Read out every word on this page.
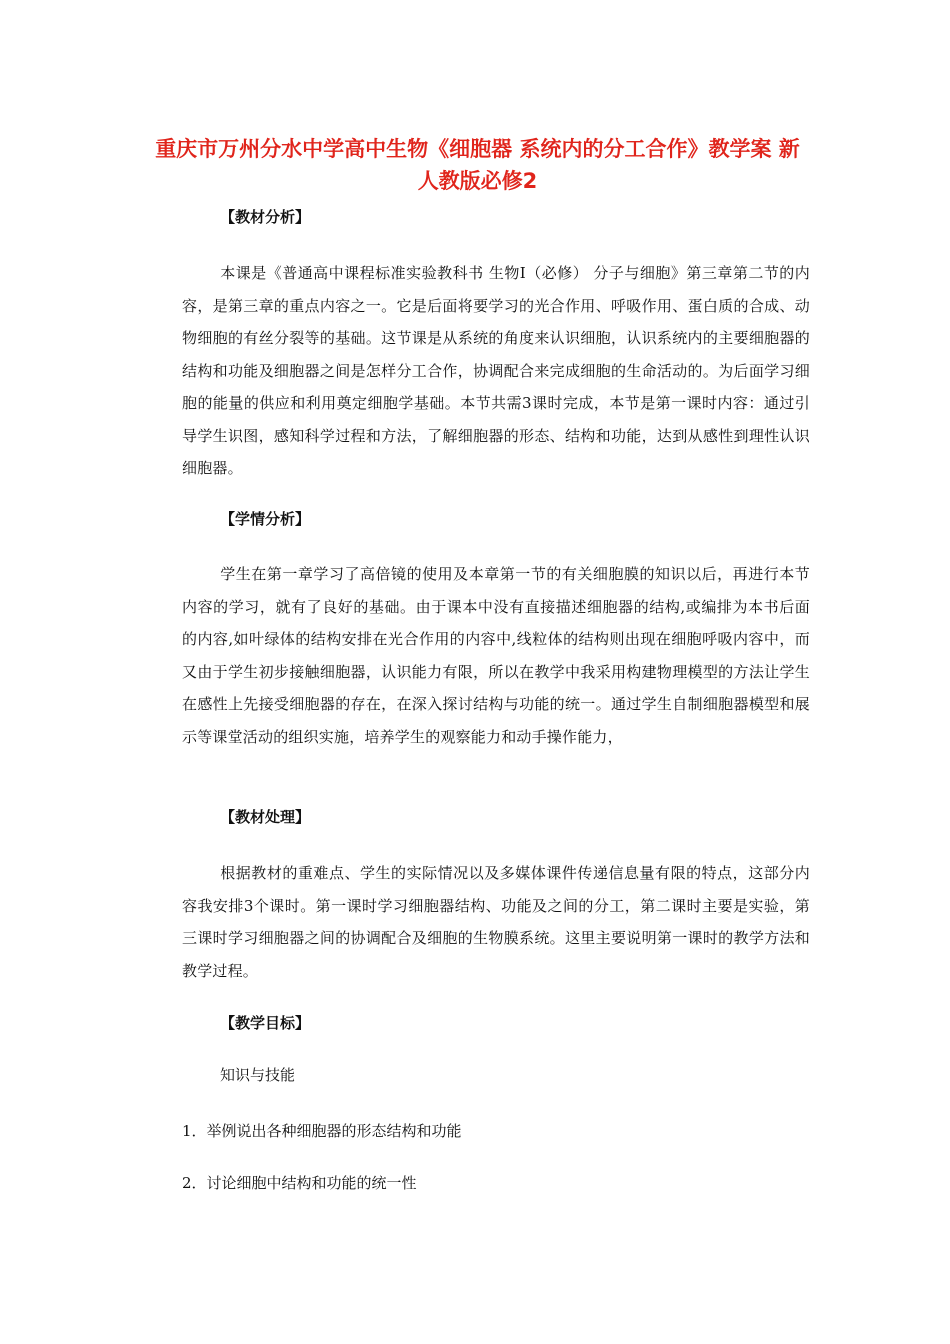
重庆市万州分水中学高中生物《细胞器 系统内的分工合作》教学案 新人教版必修2
【教材分析】

本课是《普通高中课程标准实验教科书 生物Ⅰ（必修） 分子与细胞》第三章第二节的内容，是第三章的重点内容之一。它是后面将要学习的光合作用、呼吸作用、蛋白质的合成、动物细胞的有丝分裂等的基础。这节课是从系统的角度来认识细胞，认识系统内的主要细胞器的结构和功能及细胞器之间是怎样分工合作，协调配合来完成细胞的生命活动的。为后面学习细胞的能量的供应和利用奠定细胞学基础。本节共需3课时完成，本节是第一课时内容：通过引导学生识图，感知科学过程和方法，了解细胞器的形态、结构和功能，达到从感性到理性认识细胞器。

【学情分析】

学生在第一章学习了高倍镜的使用及本章第一节的有关细胞膜的知识以后，再进行本节内容的学习，就有了良好的基础。由于课本中没有直接描述细胞器的结构,或编排为本书后面的内容,如叶绿体的结构安排在光合作用的内容中,线粒体的结构则出现在细胞呼吸内容中，而又由于学生初步接触细胞器，认识能力有限，所以在教学中我采用构建物理模型的方法让学生在感性上先接受细胞器的存在，在深入探讨结构与功能的统一。通过学生自制细胞器模型和展示等课堂活动的组织实施，培养学生的观察能力和动手操作能力，

【教材处理】

根据教材的重难点、学生的实际情况以及多媒体课件传递信息量有限的特点，这部分内容我安排3个课时。第一课时学习细胞器结构、功能及之间的分工，第二课时主要是实验，第三课时学习细胞器之间的协调配合及细胞的生物膜系统。这里主要说明第一课时的教学方法和教学过程。

【教学目标】

知识与技能

1．举例说出各种细胞器的形态结构和功能

2．讨论细胞中结构和功能的统一性
